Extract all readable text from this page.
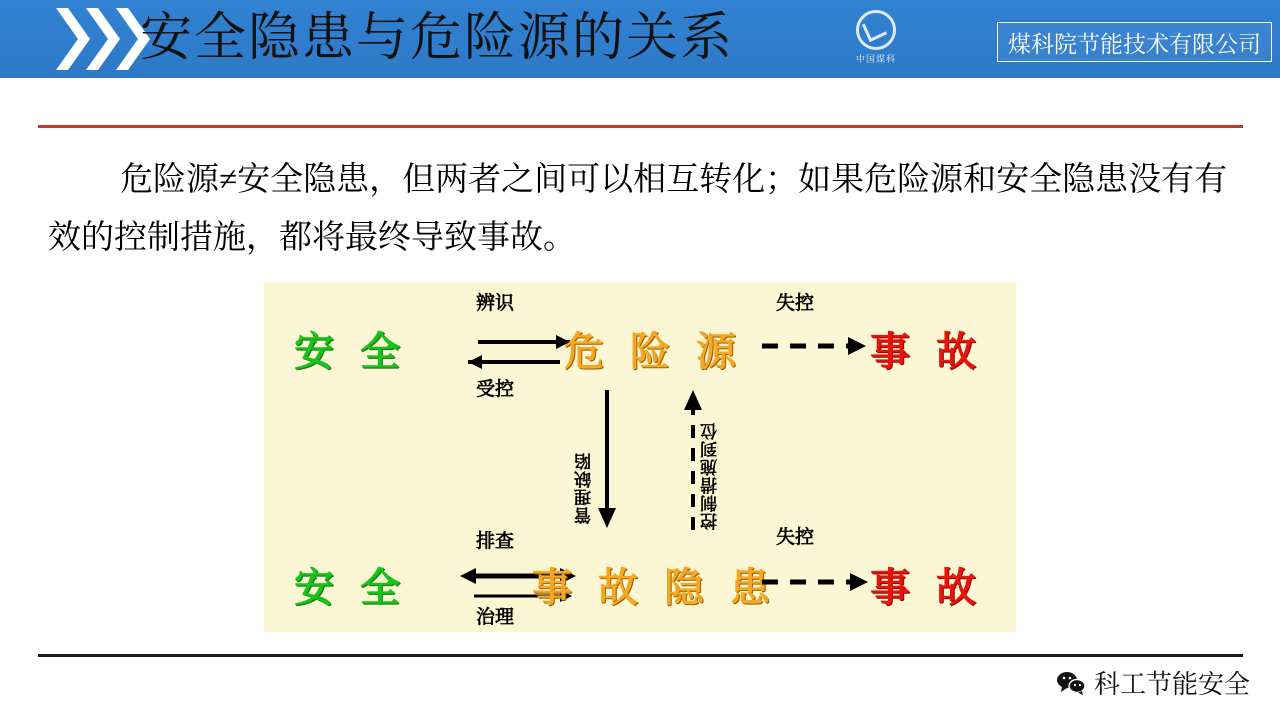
安全隐患与危险源的关系	中国煤科
煤科院节能技术有限公司
危险源≠安全隐患，但两者之间可以相互转化；如果危险源和安全隐患没有有效的控制措施，都将最终导致事故。
辨识	失控
安 全
受控
危 险 源	事 故
管理缺陷	控制措施到位
排查	失控
安 全
治理
事 故 隐 患 事 故
科工节能安全
